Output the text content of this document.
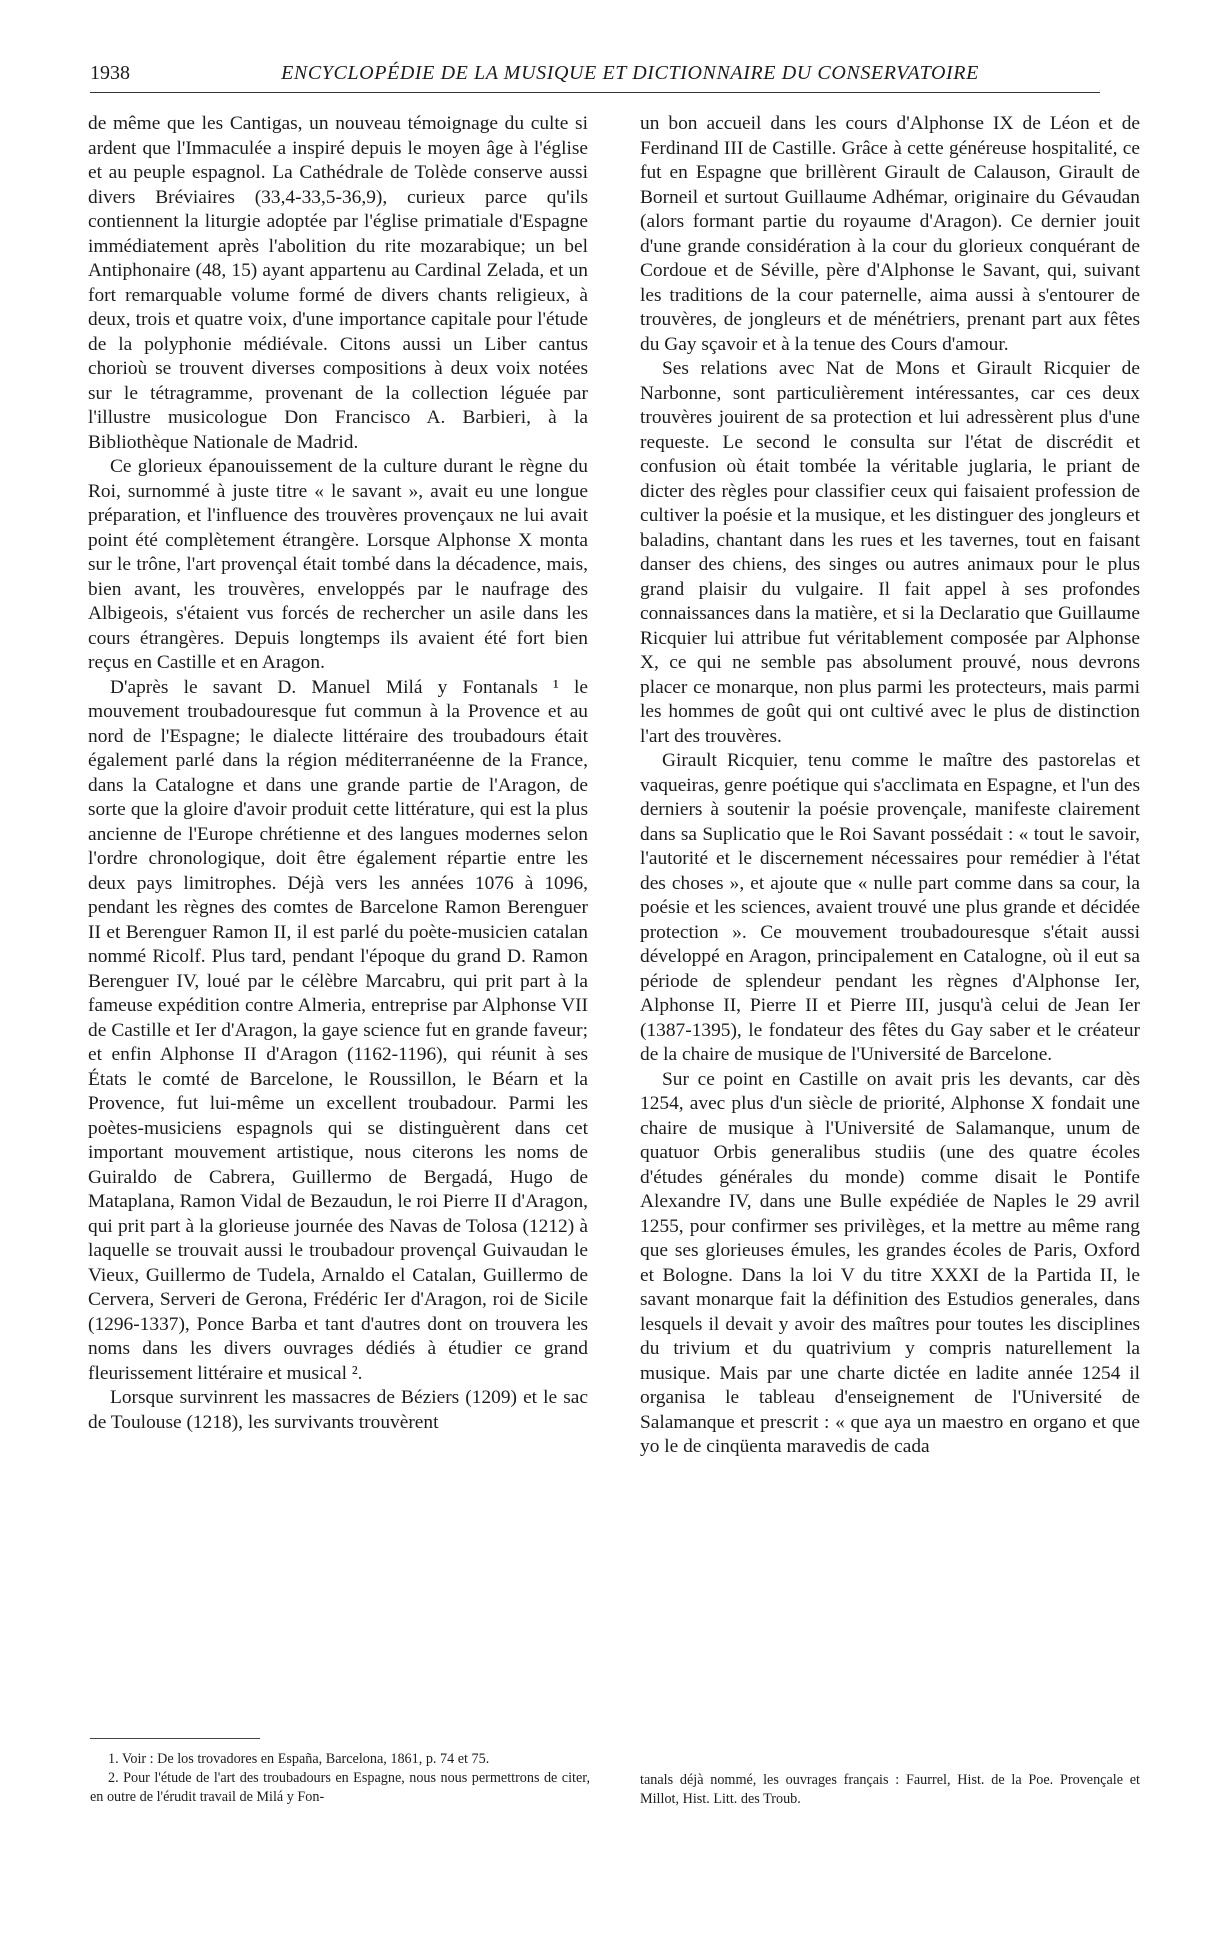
1938	ENCYCLOPÉDIE DE LA MUSIQUE ET DICTIONNAIRE DU CONSERVATOIRE

de même que les Cantigas, un nouveau témoignage du culte si ardent que l'Immaculée a inspiré depuis le moyen âge à l'église et au peuple espagnol. La Cathédrale de Tolède conserve aussi divers Bréviaires (33,4-33,5-36,9), curieux parce qu'ils contiennent la liturgie adoptée par l'église primatiale d'Espagne immédiatement après l'abolition du rite mozarabique; un bel Antiphonaire (48, 15) ayant appartenu au Cardinal Zelada, et un fort remarquable volume formé de divers chants religieux, à deux, trois et quatre voix, d'une importance capitale pour l'étude de la polyphonie médiévale. Citons aussi un Liber cantus chorioù se trouvent diverses compositions à deux voix notées sur le tétragramme, provenant de la collection léguée par l'illustre musicologue Don Francisco A. Barbieri, à la Bibliothèque Nationale de Madrid.

Ce glorieux épanouissement de la culture durant le règne du Roi, surnommé à juste titre « le savant », avait eu une longue préparation, et l'influence des trouvères provençaux ne lui avait point été complètement étrangère. Lorsque Alphonse X monta sur le trône, l'art provençal était tombé dans la décadence, mais, bien avant, les trouvères, enveloppés par le naufrage des Albigeois, s'étaient vus forcés de rechercher un asile dans les cours étrangères. Depuis longtemps ils avaient été fort bien reçus en Castille et en Aragon.

D'après le savant D. Manuel Milá y Fontanals ¹ le mouvement troubadouresque fut commun à la Provence et au nord de l'Espagne; le dialecte littéraire des troubadours était également parlé dans la région méditerranéenne de la France, dans la Catalogne et dans une grande partie de l'Aragon, de sorte que la gloire d'avoir produit cette littérature, qui est la plus ancienne de l'Europe chrétienne et des langues modernes selon l'ordre chronologique, doit être également répartie entre les deux pays limitrophes. Déjà vers les années 1076 à 1096, pendant les règnes des comtes de Barcelone Ramon Berenguer II et Berenguer Ramon II, il est parlé du poète-musicien catalan nommé Ricolf. Plus tard, pendant l'époque du grand D. Ramon Berenguer IV, loué par le célèbre Marcabru, qui prit part à la fameuse expédition contre Almeria, entreprise par Alphonse VII de Castille et Ier d'Aragon, la gaye science fut en grande faveur; et enfin Alphonse II d'Aragon (1162-1196), qui réunit à ses États le comté de Barcelone, le Roussillon, le Béarn et la Provence, fut lui-même un excellent troubadour. Parmi les poètes-musiciens espagnols qui se distinguèrent dans cet important mouvement artistique, nous citerons les noms de Guiraldo de Cabrera, Guillermo de Bergadá, Hugo de Mataplana, Ramon Vidal de Bezaudun, le roi Pierre II d'Aragon, qui prit part à la glorieuse journée des Navas de Tolosa (1212) à laquelle se trouvait aussi le troubadour provençal Guivaudan le Vieux, Guillermo de Tudela, Arnaldo el Catalan, Guillermo de Cervera, Serveri de Gerona, Frédéric Ier d'Aragon, roi de Sicile (1296-1337), Ponce Barba et tant d'autres dont on trouvera les noms dans les divers ouvrages dédiés à étudier ce grand fleurissement littéraire et musical ².

Lorsque survinrent les massacres de Béziers (1209) et le sac de Toulouse (1218), les survivants trouvèrent

un bon accueil dans les cours d'Alphonse IX de Léon et de Ferdinand III de Castille. Grâce à cette généreuse hospitalité, ce fut en Espagne que brillèrent Girault de Calauson, Girault de Borneil et surtout Guillaume Adhémar, originaire du Gévaudan (alors formant partie du royaume d'Aragon). Ce dernier jouit d'une grande considération à la cour du glorieux conquérant de Cordoue et de Séville, père d'Alphonse le Savant, qui, suivant les traditions de la cour paternelle, aima aussi à s'entourer de trouvères, de jongleurs et de ménétriers, prenant part aux fêtes du Gay sçavoir et à la tenue des Cours d'amour.

Ses relations avec Nat de Mons et Girault Ricquier de Narbonne, sont particulièrement intéressantes, car ces deux trouvères jouirent de sa protection et lui adressèrent plus d'une requeste. Le second le consulta sur l'état de discrédit et confusion où était tombée la véritable juglaria, le priant de dicter des règles pour classifier ceux qui faisaient profession de cultiver la poésie et la musique, et les distinguer des jongleurs et baladins, chantant dans les rues et les tavernes, tout en faisant danser des chiens, des singes ou autres animaux pour le plus grand plaisir du vulgaire. Il fait appel à ses profondes connaissances dans la matière, et si la Declaratio que Guillaume Ricquier lui attribue fut véritablement composée par Alphonse X, ce qui ne semble pas absolument prouvé, nous devrons placer ce monarque, non plus parmi les protecteurs, mais parmi les hommes de goût qui ont cultivé avec le plus de distinction l'art des trouvères.

Girault Ricquier, tenu comme le maître des pastorelas et vaqueiras, genre poétique qui s'acclimata en Espagne, et l'un des derniers à soutenir la poésie provençale, manifeste clairement dans sa Suplicatio que le Roi Savant possédait : « tout le savoir, l'autorité et le discernement nécessaires pour remédier à l'état des choses », et ajoute que « nulle part comme dans sa cour, la poésie et les sciences, avaient trouvé une plus grande et décidée protection ». Ce mouvement troubadouresque s'était aussi développé en Aragon, principalement en Catalogne, où il eut sa période de splendeur pendant les règnes d'Alphonse Ier, Alphonse II, Pierre II et Pierre III, jusqu'à celui de Jean Ier (1387-1395), le fondateur des fêtes du Gay saber et le créateur de la chaire de musique de l'Université de Barcelone.

Sur ce point en Castille on avait pris les devants, car dès 1254, avec plus d'un siècle de priorité, Alphonse X fondait une chaire de musique à l'Université de Salamanque, unum de quatuor Orbis generalibus studiis (une des quatre écoles d'études générales du monde) comme disait le Pontife Alexandre IV, dans une Bulle expédiée de Naples le 29 avril 1255, pour confirmer ses privilèges, et la mettre au même rang que ses glorieuses émules, les grandes écoles de Paris, Oxford et Bologne. Dans la loi V du titre XXXI de la Partida II, le savant monarque fait la définition des Estudios generales, dans lesquels il devait y avoir des maîtres pour toutes les disciplines du trivium et du quatrivium y compris naturellement la musique. Mais par une charte dictée en ladite année 1254 il organisa le tableau d'enseignement de l'Université de Salamanque et prescrit : « que aya un maestro en organo et que yo le de cinqüenta maravedis de cada

1. Voir : De los trovadores en España, Barcelona, 1861, p. 74 et 75.

2. Pour l'étude de l'art des troubadours en Espagne, nous nous permettrons de citer, en outre de l'érudit travail de Milá y Fon-

tanals déjà nommé, les ouvrages français : Faurrel, Hist. de la Poe. Provençale et Millot, Hist. Litt. des Troub.
